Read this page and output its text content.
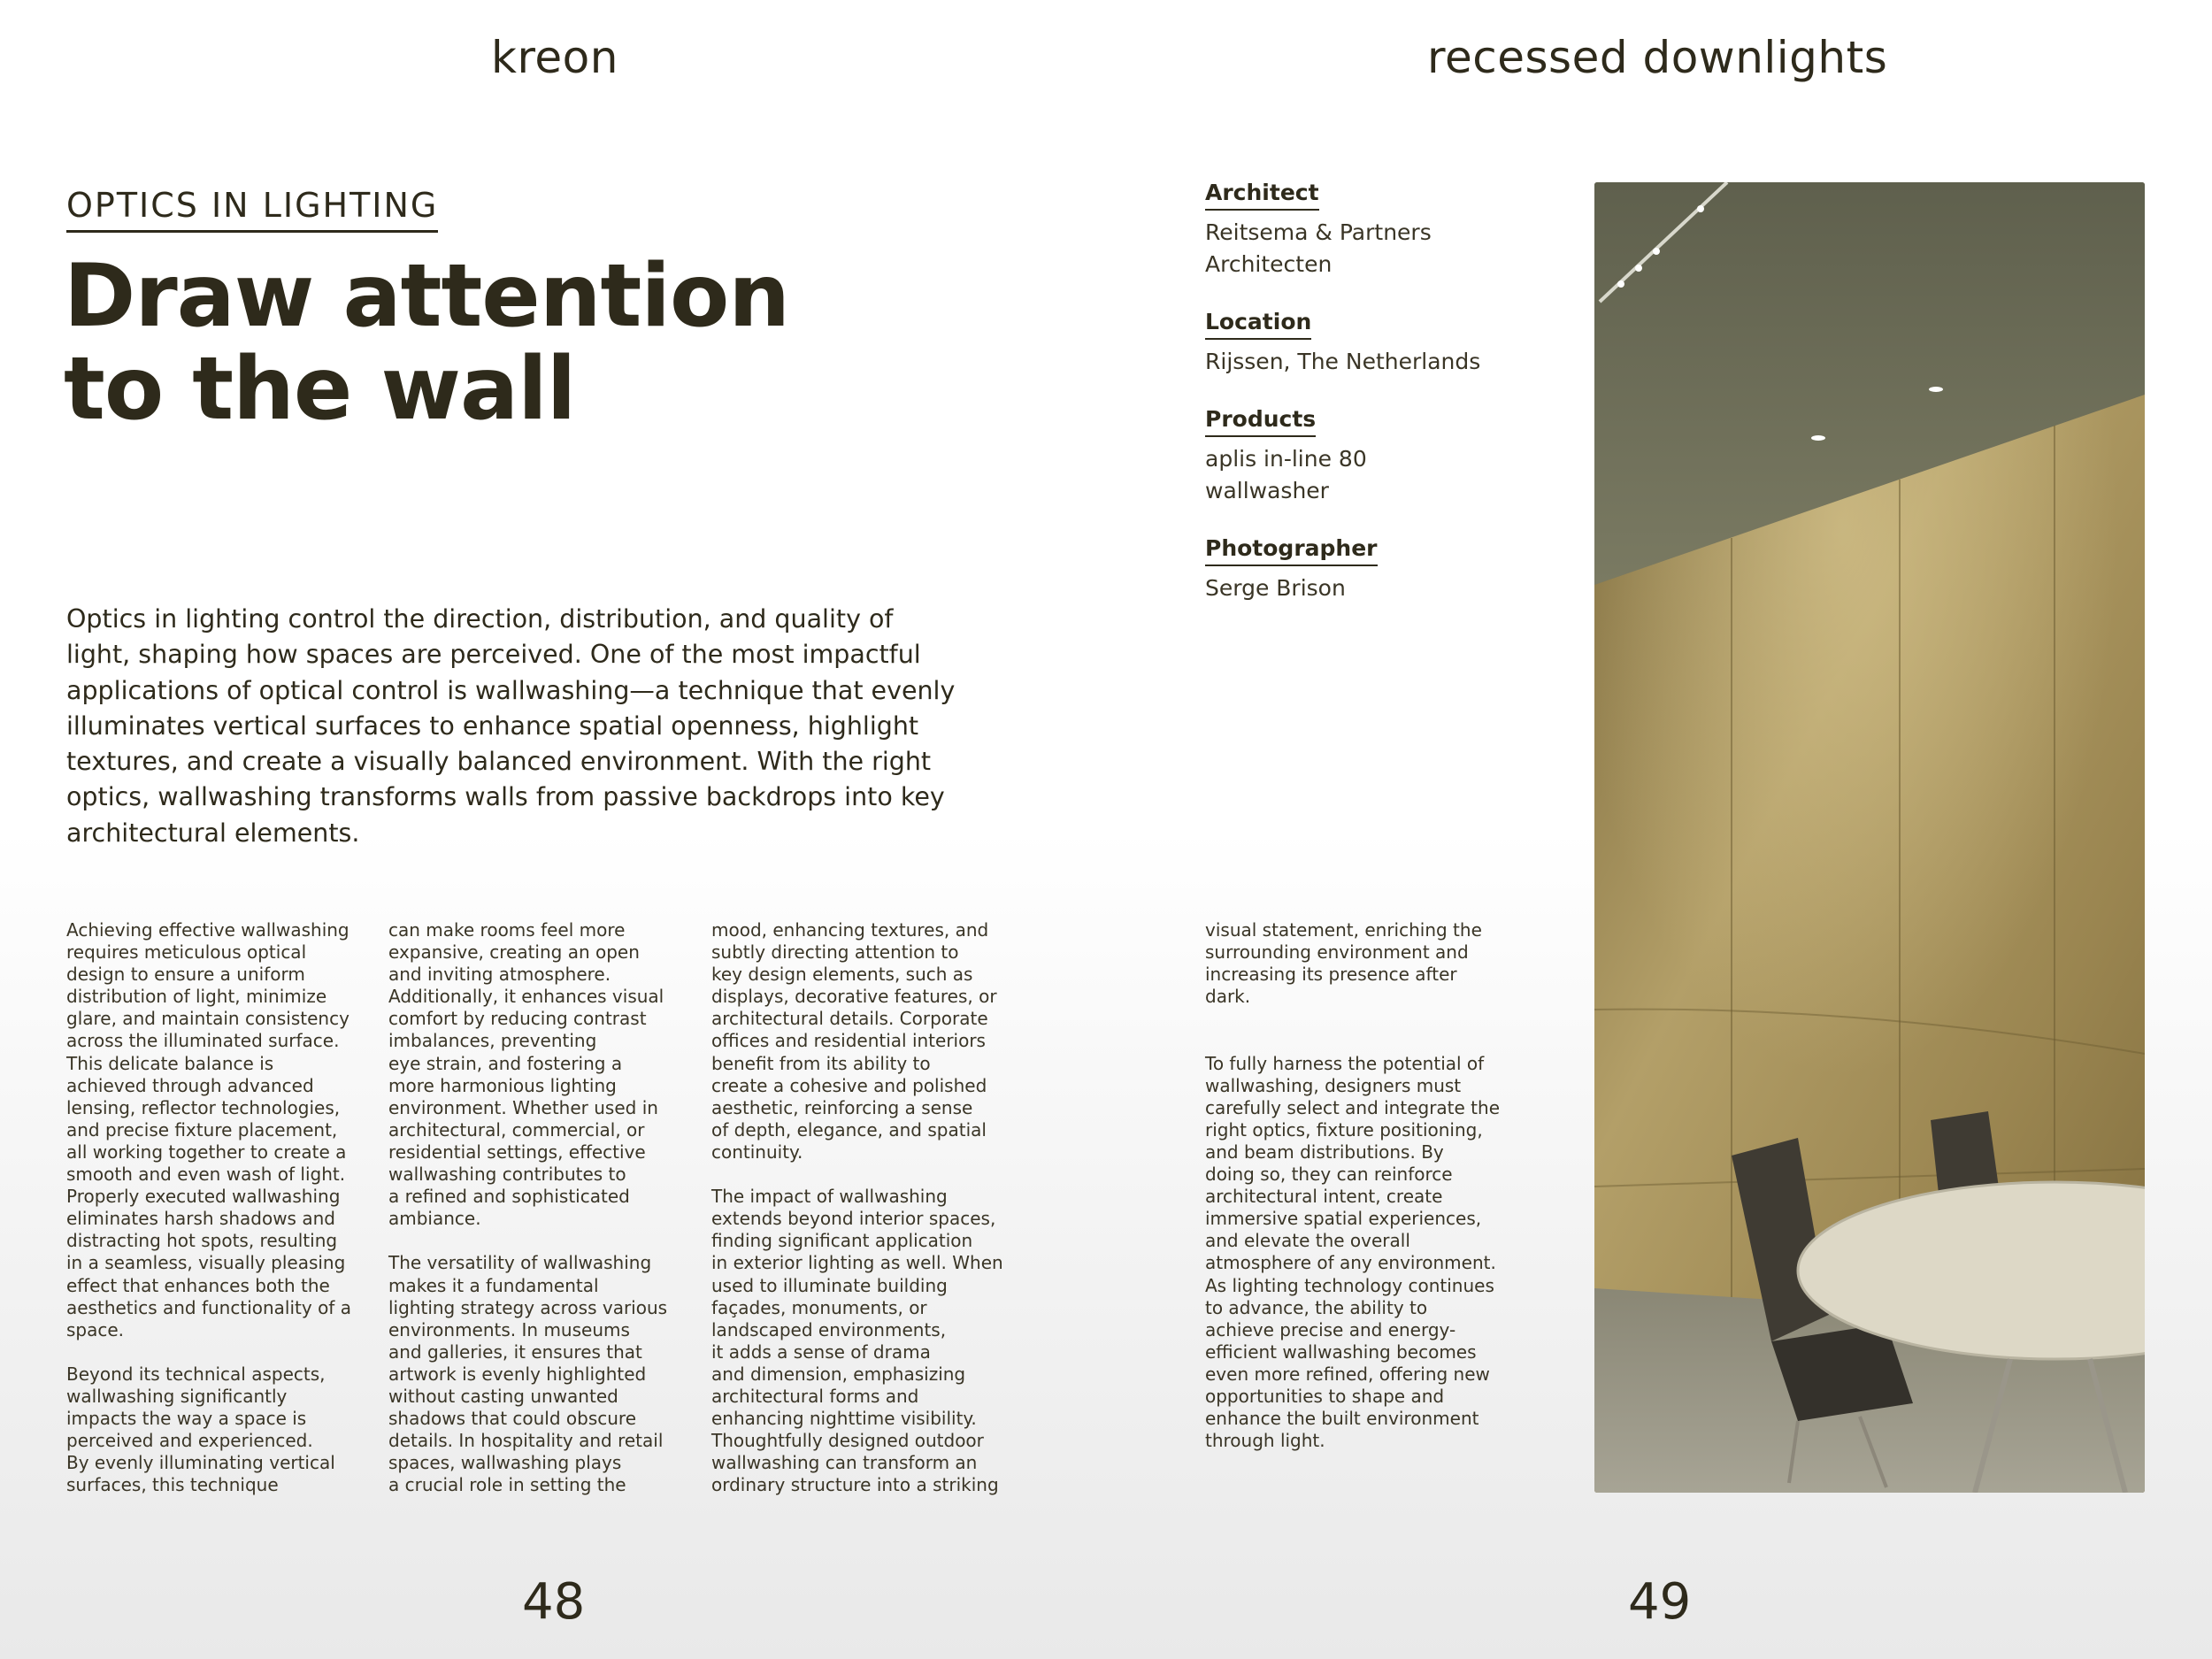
kreon	recessed downlights
OPTICS IN LIGHTING
Draw attention
to the wall
Optics in lighting control the direction, distribution, and quality of
light, shaping how spaces are perceived. One of the most impactful
applications of optical control is wallwashing—a technique that evenly
illuminates vertical surfaces to enhance spatial openness, highlight
textures, and create a visually balanced environment. With the right
optics, wallwashing transforms walls from passive backdrops into key
architectural elements.
Achieving effective wallwashing
requires meticulous optical
design to ensure a uniform
distribution of light, minimize
glare, and maintain consistency
across the illuminated surface.
This delicate balance is
achieved through advanced
lensing, reflector technologies,
and precise fixture placement,
all working together to create a
smooth and even wash of light.
Properly executed wallwashing
eliminates harsh shadows and
distracting hot spots, resulting
in a seamless, visually pleasing
effect that enhances both the
aesthetics and functionality of a
space.
Beyond its technical aspects,
wallwashing significantly
impacts the way a space is
perceived and experienced.
By evenly illuminating vertical
surfaces, this technique
can make rooms feel more
expansive, creating an open
and inviting atmosphere.
Additionally, it enhances visual
comfort by reducing contrast
imbalances, preventing
eye strain, and fostering a
more harmonious lighting
environment. Whether used in
architectural, commercial, or
residential settings, effective
wallwashing contributes to
a refined and sophisticated
ambiance.
The versatility of wallwashing
makes it a fundamental
lighting strategy across various
environments. In museums
and galleries, it ensures that
artwork is evenly highlighted
without casting unwanted
shadows that could obscure
details. In hospitality and retail
spaces, wallwashing plays
a crucial role in setting the
mood, enhancing textures, and
subtly directing attention to
key design elements, such as
displays, decorative features, or
architectural details. Corporate
offices and residential interiors
benefit from its ability to
create a cohesive and polished
aesthetic, reinforcing a sense
of depth, elegance, and spatial
continuity.
The impact of wallwashing
extends beyond interior spaces,
finding significant application
in exterior lighting as well. When
used to illuminate building
façades, monuments, or
landscaped environments,
it adds a sense of drama
and dimension, emphasizing
architectural forms and
enhancing nighttime visibility.
Thoughtfully designed outdoor
wallwashing can transform an
ordinary structure into a striking
Architect
Reitsema & Partners
Architecten
Location
Rijssen, The Netherlands
Products
aplis in-line 80
wallwasher
Photographer
Serge Brison
visual statement, enriching the
surrounding environment and
increasing its presence after
dark.
To fully harness the potential of
wallwashing, designers must
carefully select and integrate the
right optics, fixture positioning,
and beam distributions. By
doing so, they can reinforce
architectural intent, create
immersive spatial experiences,
and elevate the overall
atmosphere of any environment.
As lighting technology continues
to advance, the ability to
achieve precise and energy-
efficient wallwashing becomes
even more refined, offering new
opportunities to shape and
enhance the built environment
through light.
48	49
